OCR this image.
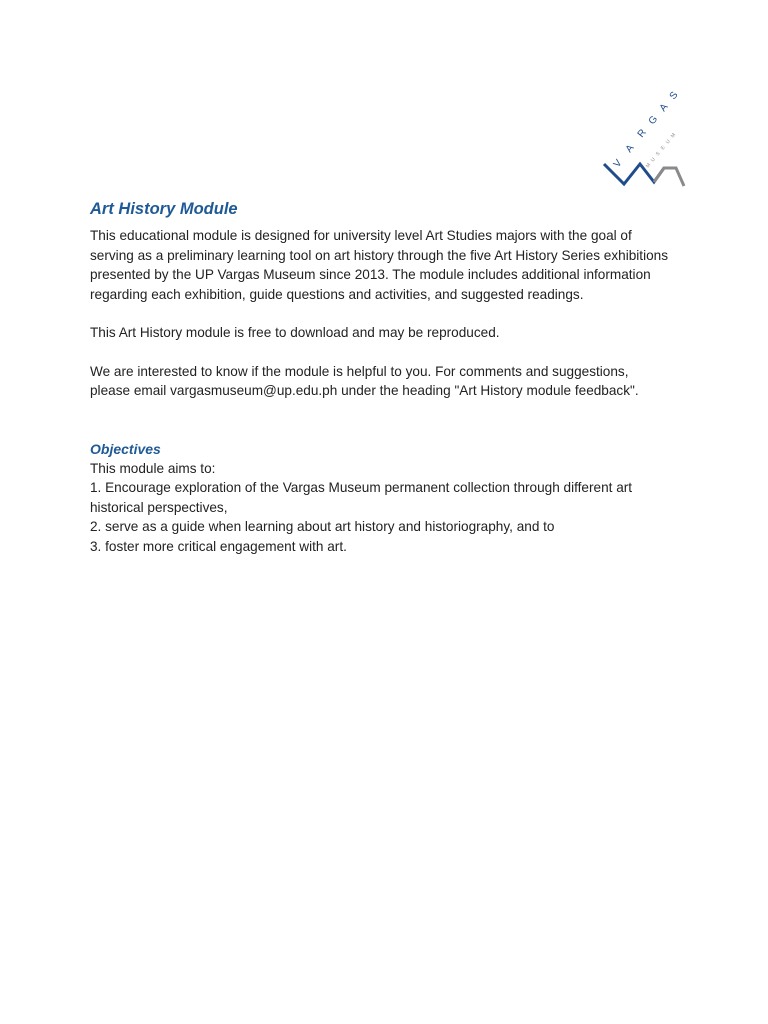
V
A
R
G
A
S
M
U
S
E
U
M
Art History Module

This educational module is designed for university level Art Studies majors with the goal of

serving as a preliminary learning tool on art history through the five Art History Series exhibitions

presented by the UP Vargas Museum since 2013. The module includes additional information

regarding each exhibition, guide questions and activities, and suggested readings.

This Art History module is free to download and may be reproduced.

We are interested to know if the module is helpful to you. For comments and suggestions,

please email vargasmuseum@up.edu.ph under the heading "Art History module feedback".

Objectives

This module aims to:

1. Encourage exploration of the Vargas Museum permanent collection through different art

historical perspectives,

2. serve as a guide when learning about art history and historiography, and to

3. foster more critical engagement with art.
